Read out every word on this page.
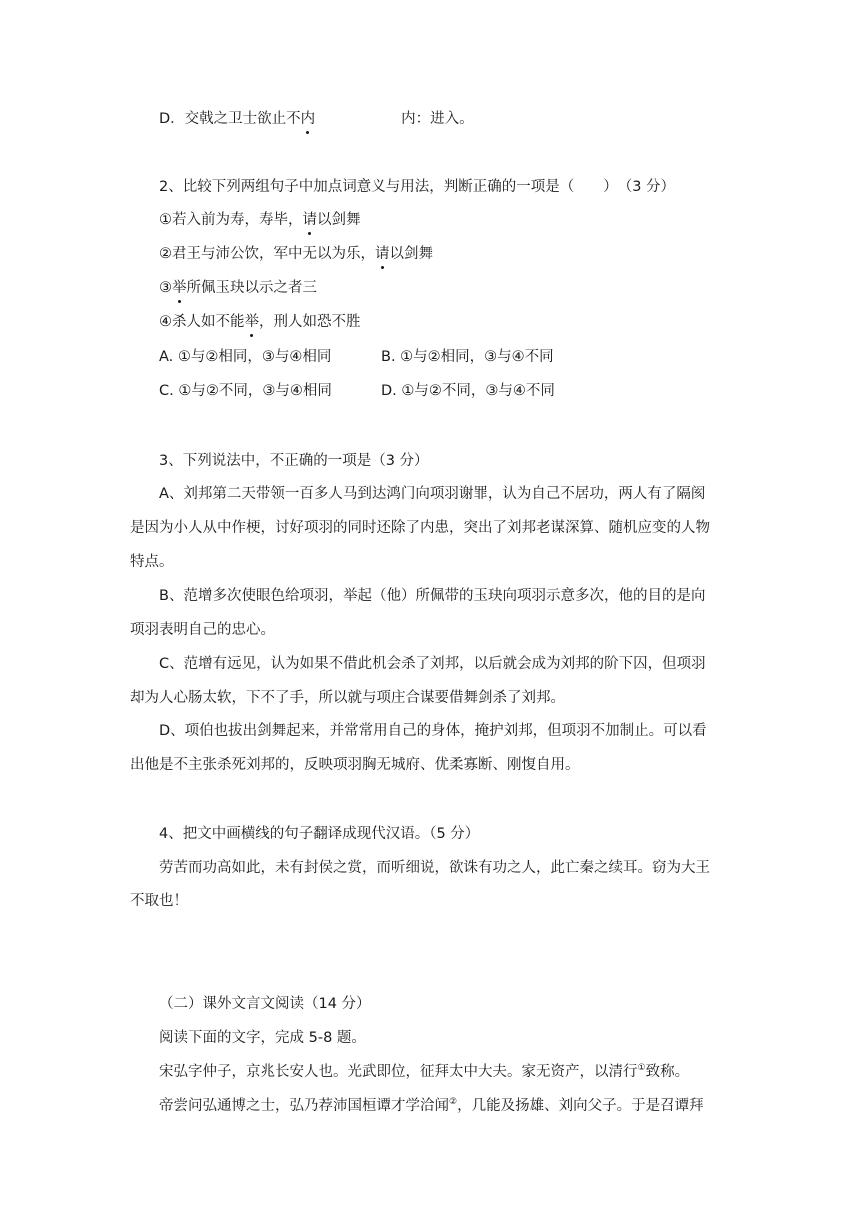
D．交戟之卫士欲止不内	内：进入。
2、比较下列两组句子中加点词意义与用法，判断正确的一项是（　　）　（3 分）
①若入前为寿，寿毕，请以剑舞
②君王与沛公饮，军中无以为乐，请以剑舞
③举所佩玉玦以示之者三
④杀人如不能举，刑人如恐不胜
A. ①与②相同，③与④相同	B. ①与②相同，③与④不同
C. ①与②不同，③与④相同	D. ①与②不同，③与④不同
3、下列说法中，不正确的一项是（3 分）
A、刘邦第二天带领一百多人马到达鸿门向项羽谢罪，认为自己不居功，两人有了隔阂
是因为小人从中作梗，讨好项羽的同时还除了内患，突出了刘邦老谋深算、随机应变的人物
特点。
B、范增多次使眼色给项羽，举起（他）所佩带的玉玦向项羽示意多次，他的目的是向
项羽表明自己的忠心。
C、范增有远见，认为如果不借此机会杀了刘邦，以后就会成为刘邦的阶下囚，但项羽
却为人心肠太软，下不了手，所以就与项庄合谋要借舞剑杀了刘邦。
D、项伯也拔出剑舞起来，并常常用自己的身体，掩护刘邦，但项羽不加制止。可以看
出他是不主张杀死刘邦的，反映项羽胸无城府、优柔寡断、刚愎自用。
4、把文中画横线的句子翻译成现代汉语。（5 分）
劳苦而功高如此，未有封侯之赏，而听细说，欲诛有功之人，此亡秦之续耳。窃为大王
不取也！
（二）课外文言文阅读（14 分）
阅读下面的文字，完成 5-8 题。
宋弘字仲子，京兆长安人也。光武即位，征拜太中大夫。家无资产，以清行①致称。
帝尝问弘通博之士，弘乃荐沛国桓谭才学洽闻②，几能及扬雄、刘向父子。于是召谭拜
